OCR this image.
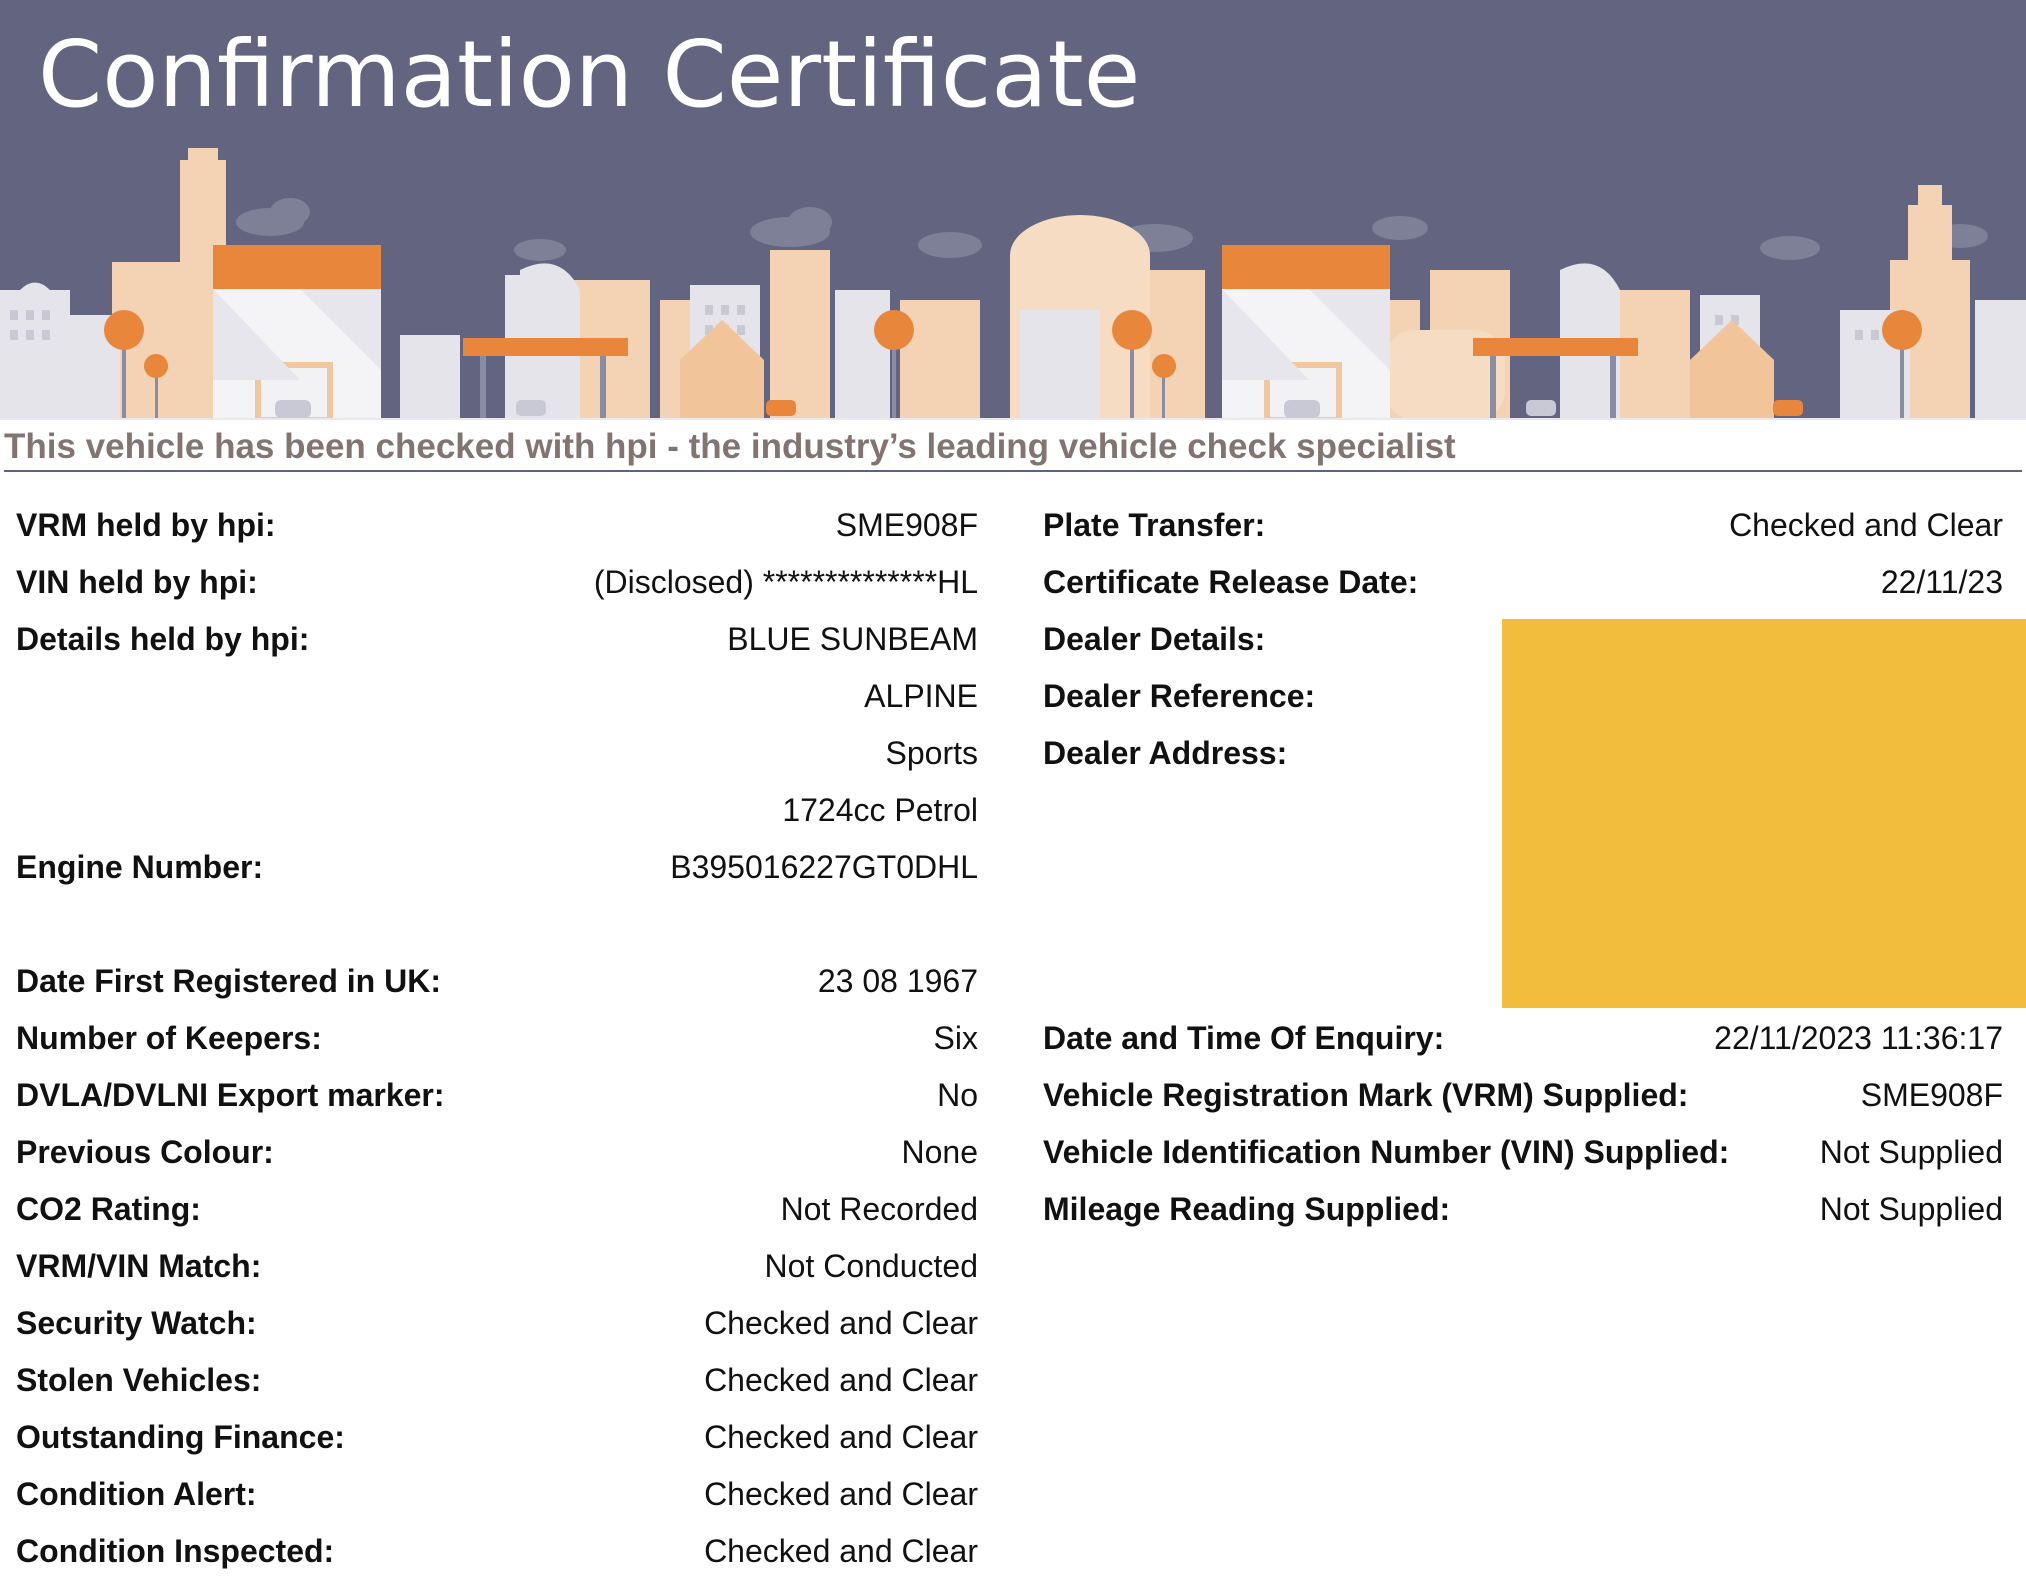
Confirmation Certificate
This vehicle has been checked with hpi - the industry’s leading vehicle check specialist
VRM held by hpi:	SME908F
VIN held by hpi:	(Disclosed) **************HL
Details held by hpi:	BLUE SUNBEAM
ALPINE
Sports
1724cc Petrol
Engine Number:	B395016227GT0DHL
Date First Registered in UK:	23 08 1967
Number of Keepers:	Six
DVLA/DVLNI Export marker:	No
Previous Colour:	None
CO2 Rating:	Not Recorded
VRM/VIN Match:	Not Conducted
Security Watch:	Checked and Clear
Stolen Vehicles:	Checked and Clear
Outstanding Finance:	Checked and Clear
Condition Alert:	Checked and Clear
Condition Inspected:	Checked and Clear
Plate Transfer:	Checked and Clear
Certificate Release Date:	22/11/23
Dealer Details:
Dealer Reference:
Dealer Address:
Date and Time Of Enquiry:	22/11/2023 11:36:17
Vehicle Registration Mark (VRM) Supplied:	SME908F
Vehicle Identification Number (VIN) Supplied:	Not Supplied
Mileage Reading Supplied:	Not Supplied
